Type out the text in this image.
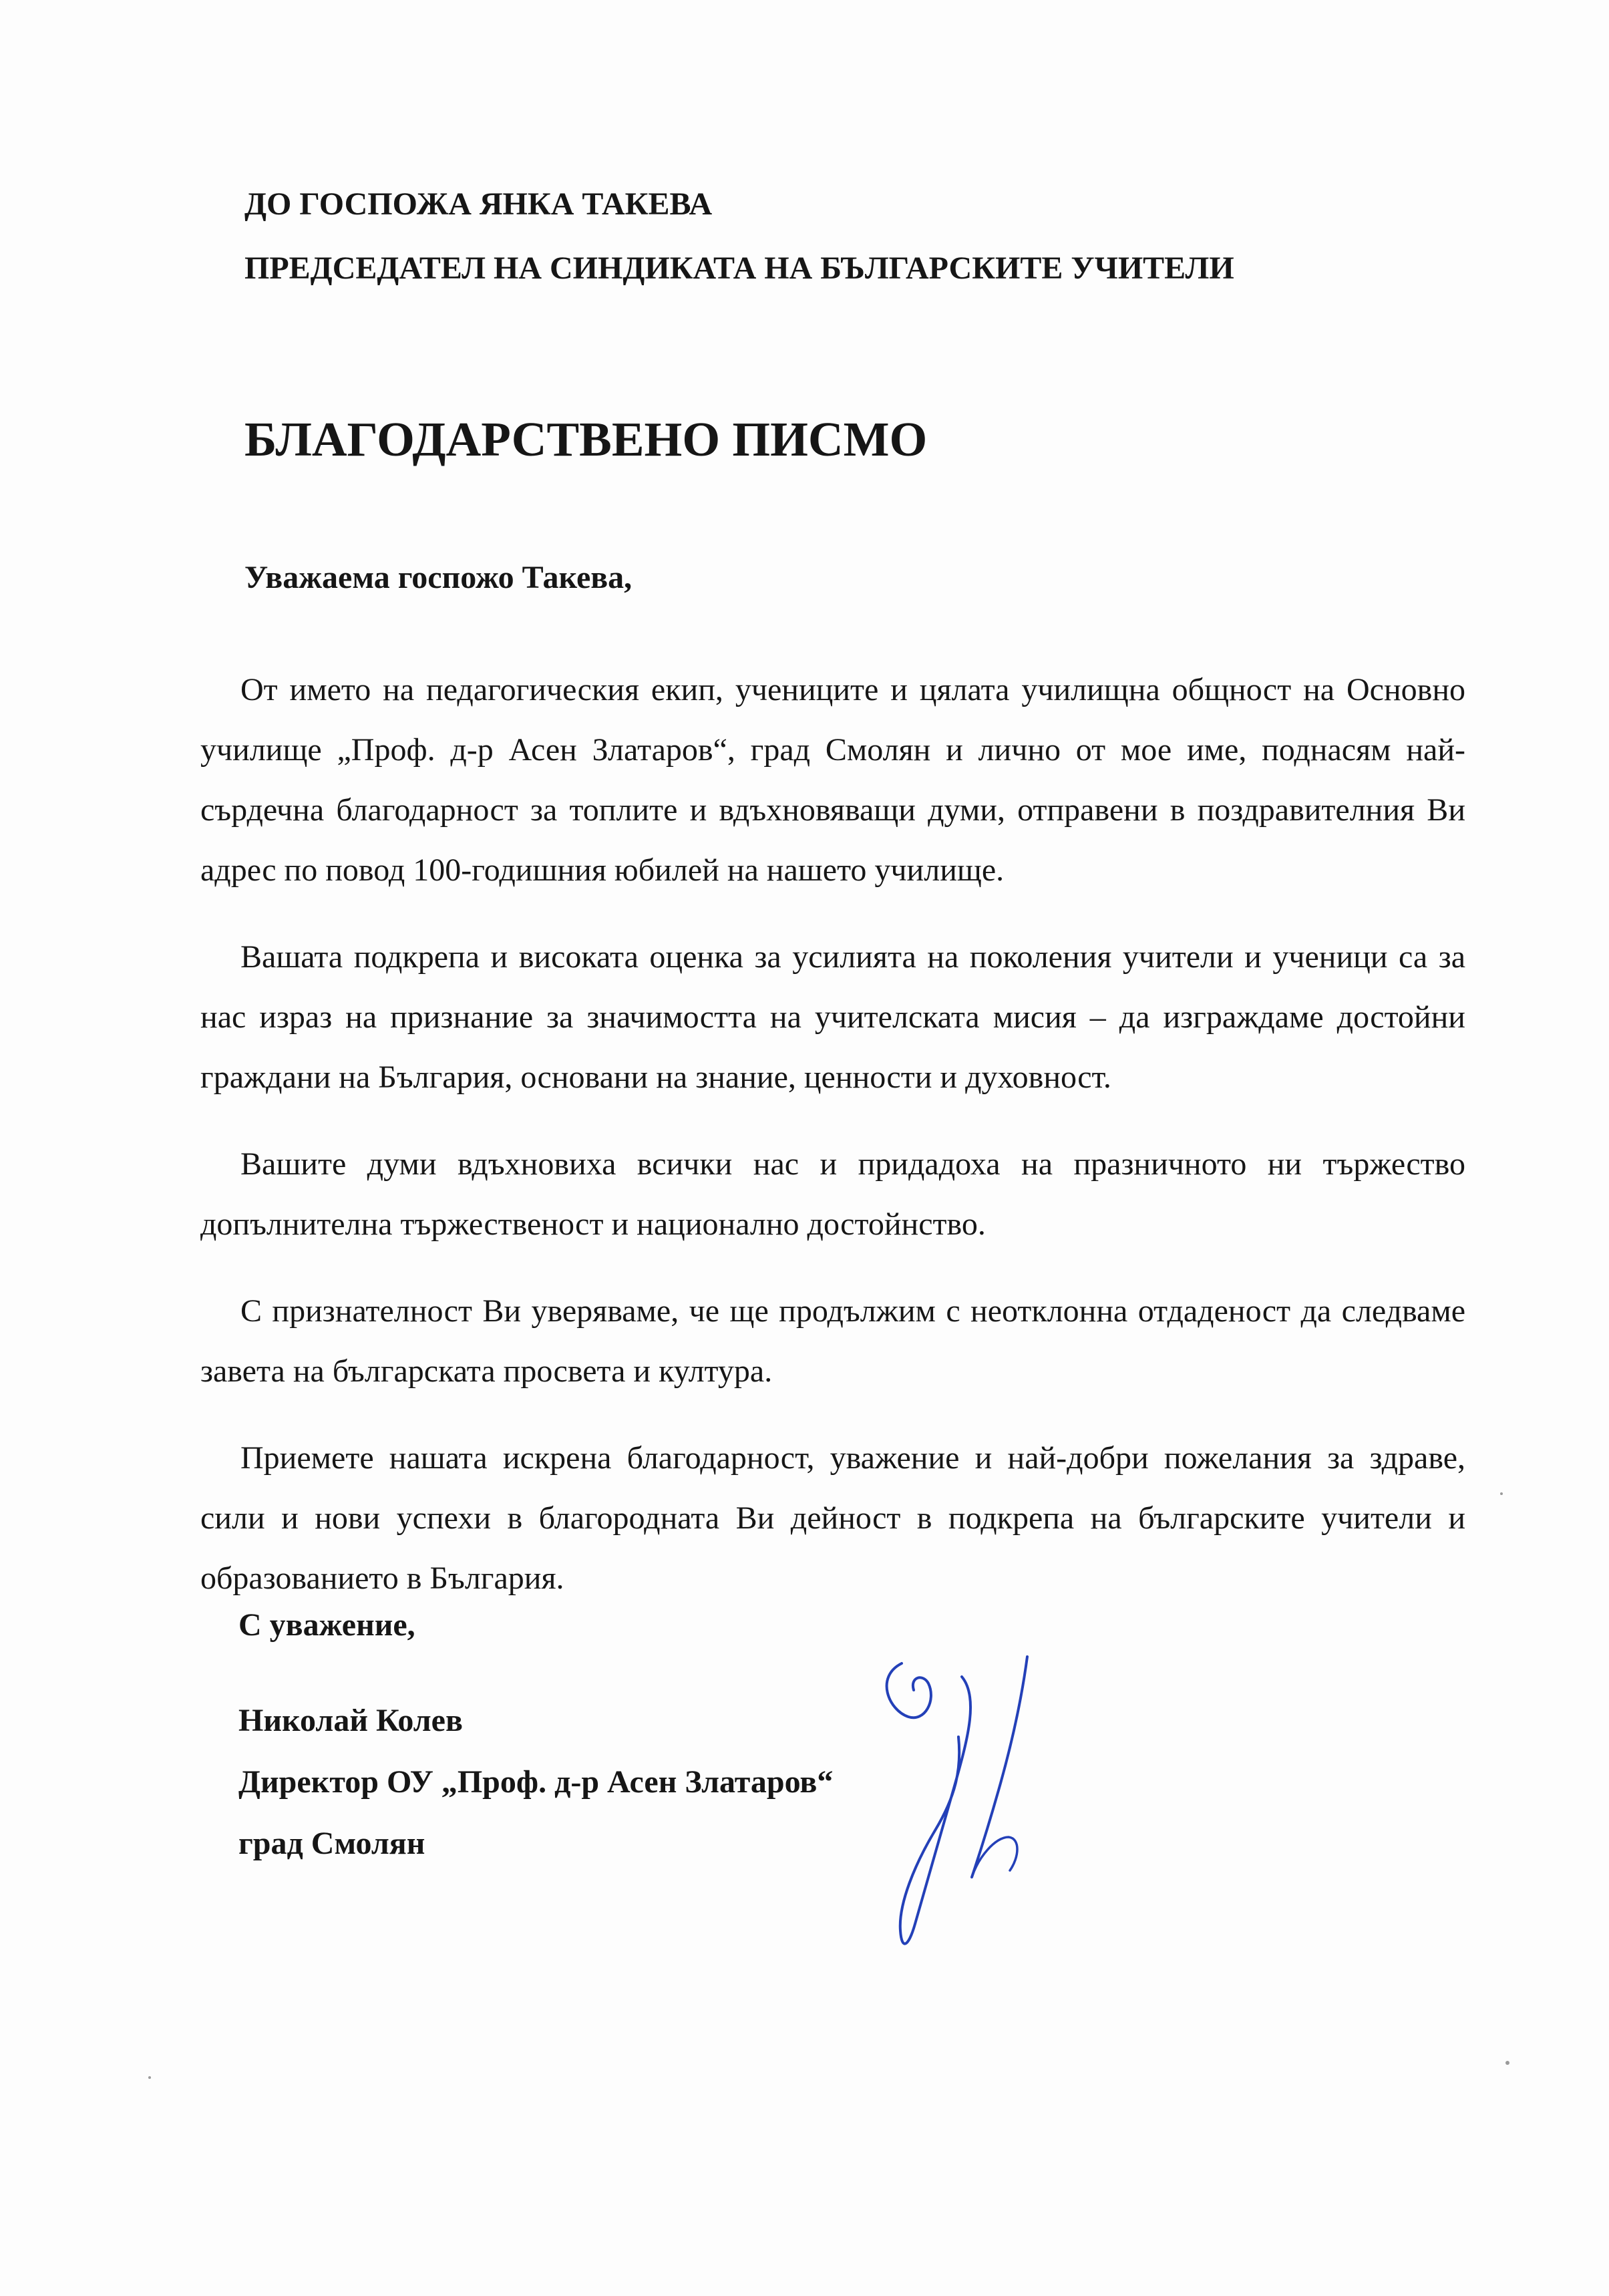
ДО ГОСПОЖА ЯНКА ТАКЕВА
ПРЕДСЕДАТЕЛ НА СИНДИКАТА НА БЪЛГАРСКИТЕ УЧИТЕЛИ
БЛАГОДАРСТВЕНО ПИСМО
Уважаема госпожо Такева,

От името на педагогическия екип, учениците и цялата училищна общност на Основно училище „Проф. д-р Асен Златаров“, град Смолян и лично от мое име, поднасям най-сърдечна благодарност за топлите и вдъхновяващи думи, отправени в поздравителния Ви адрес по повод 100-годишния юбилей на нашето училище.

Вашата подкрепа и високата оценка за усилията на поколения учители и ученици са за нас израз на признание за значимостта на учителската мисия – да изграждаме достойни граждани на България, основани на знание, ценности и духовност.

Вашите думи вдъхновиха всички нас и придадоха на празничното ни тържество допълнителна тържественост и национално достойнство.

С признателност Ви уверяваме, че ще продължим с неотклонна отдаденост да следваме завета на българската просвета и култура.

Приемете нашата искрена благодарност, уважение и най-добри пожелания за здраве, сили и нови успехи в благородната Ви дейност в подкрепа на българските учители и образованието в България.

С уважение,
Николай Колев
Директор ОУ „Проф. д-р Асен Златаров“
град Смолян
